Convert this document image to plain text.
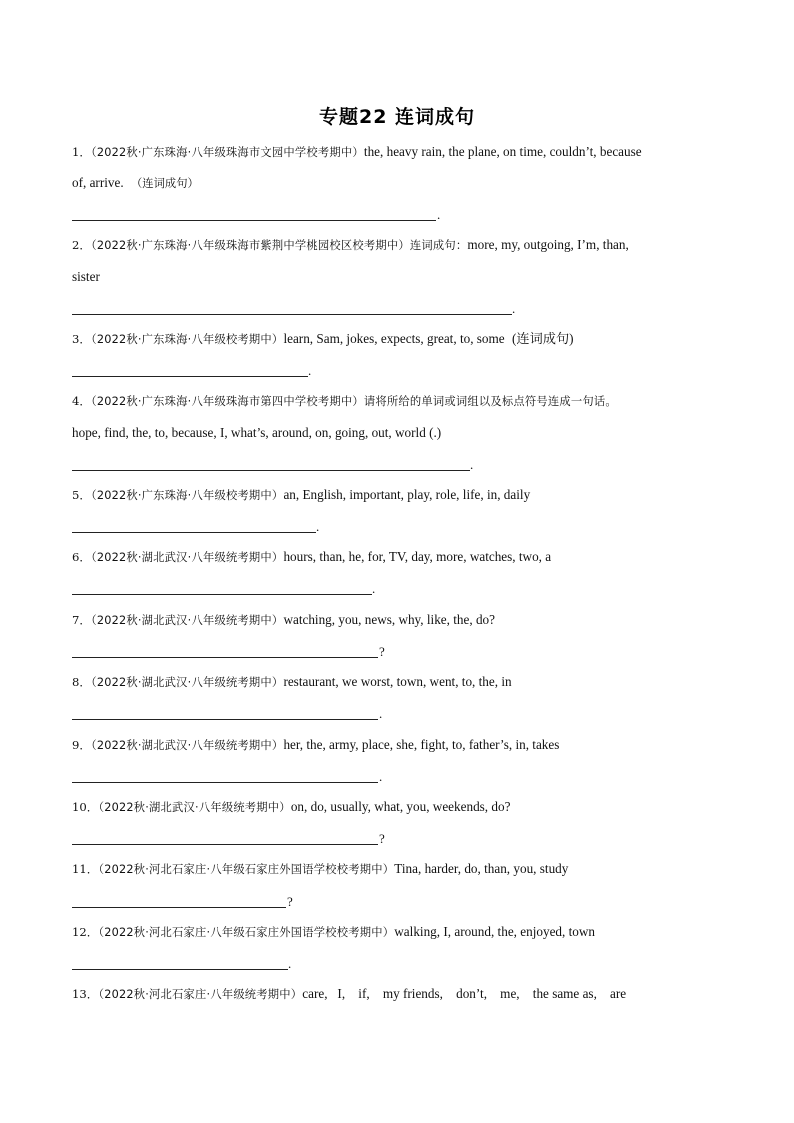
专题22 连词成句
1．（2022秋·广东珠海·八年级珠海市文园中学校考期中）the, heavy rain, the plane, on time, couldn’t, because
of, arrive. （连词成句）
.
2．（2022秋·广东珠海·八年级珠海市紫荆中学桃园校区校考期中）连词成句：more, my, outgoing, I’m, than,
sister
.
3．（2022秋·广东珠海·八年级校考期中）learn, Sam, jokes, expects, great, to, some (连词成句)
.
4．（2022秋·广东珠海·八年级珠海市第四中学校考期中）请将所给的单词或词组以及标点符号连成一句话。
hope, find, the, to, because, I, what’s, around, on, going, out, world (.)
.
5．（2022秋·广东珠海·八年级校考期中）an, English, important, play, role, life, in, daily
.
6．（2022秋·湖北武汉·八年级统考期中）hours, than, he, for, TV, day, more, watches, two, a
.
7．（2022秋·湖北武汉·八年级统考期中）watching, you, news, why, like, the, do?
?
8．（2022秋·湖北武汉·八年级统考期中）restaurant, we worst, town, went, to, the, in
.
9．（2022秋·湖北武汉·八年级统考期中）her, the, army, place, she, fight, to, father’s, in, takes
.
10．（2022秋·湖北武汉·八年级统考期中）on, do, usually, what, you, weekends, do?
?
11．（2022秋·河北石家庄·八年级石家庄外国语学校校考期中）Tina, harder, do, than, you, study
?
12．（2022秋·河北石家庄·八年级石家庄外国语学校校考期中）walking, I, around, the, enjoyed, town
.
13．（2022秋·河北石家庄·八年级统考期中）care,   I,    if,    my friends,    don’t,    me,    the same as,    are
